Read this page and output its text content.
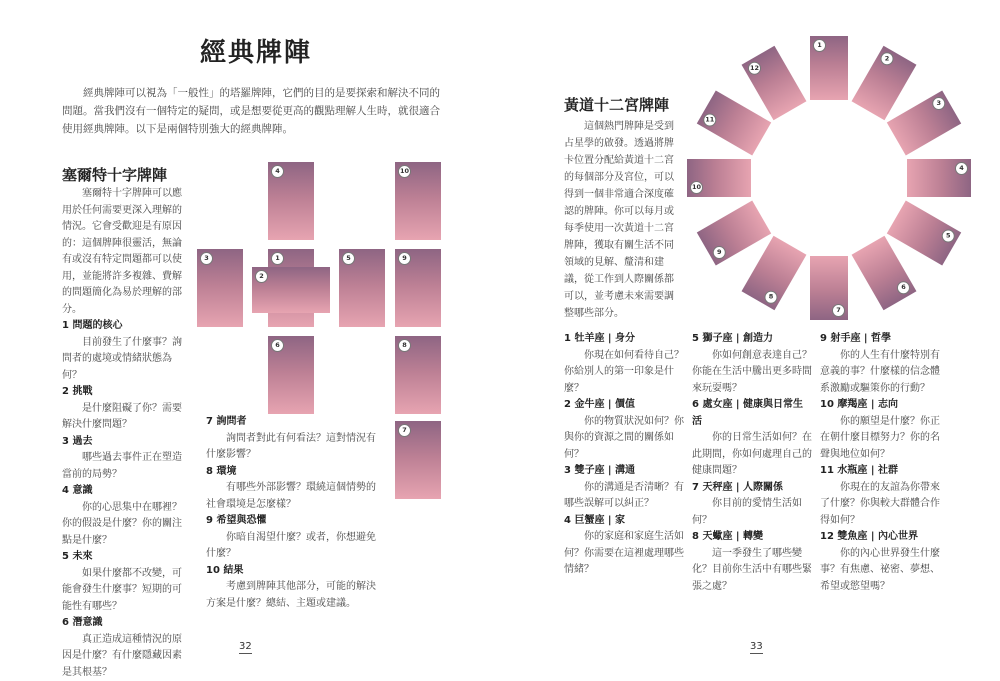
經典牌陣
經典牌陣可以視為「一般性」的塔羅牌陣，它們的目的是要探索和解決不同的問題。當我們沒有一個特定的疑問，或是想要從更高的觀點理解人生時，就很適合使用經典牌陣。以下是兩個特別強大的經典牌陣。
塞爾特十字牌陣

塞爾特十字牌陣可以應用於任何需要更深入理解的情況。它會受歡迎是有原因的：這個牌陣很靈活，無論有或沒有特定問題都可以使用，並能將許多複雜、費解的問題簡化為易於理解的部分。

1 問題的核心

目前發生了什麼事？詢問者的處境或情緒狀態為何？

2 挑戰

是什麼阻礙了你？需要解決什麼問題？

3 過去

哪些過去事件正在塑造當前的局勢？

4 意識

你的心思集中在哪裡？你的假設是什麼？你的關注點是什麼？

5 未來

如果什麼都不改變，可能會發生什麼事？短期的可能性有哪些？

6 潛意識

真正造成這種情況的原因是什麼？有什麼隱藏因素是其根基？

4
3	1	5
2
6
10
9
8
7

7 詢問者

詢問者對此有何看法？這對情況有什麼影響？

8 環境

有哪些外部影響？環繞這個情勢的社會環境是怎麼樣？

9 希望與恐懼

你暗自渴望什麼？或者，你想避免什麼？

10 結果

考慮到牌陣其他部分，可能的解決方案是什麼？總結、主題或建議。

32
黃道十二宮牌陣

這個熱門牌陣是受到占星學的啟發。透過將牌卡位置分配給黃道十二宮的每個部分及宮位，可以得到一個非常適合深度確認的牌陣。你可以每月或每季使用一次黃道十二宮牌陣，獲取有關生活不同領域的見解、釐清和建議，從工作到人際關係都可以，並考慮未來需要調整哪些部分。

1
2
3
4
5
6
7
8
9
10
11
12

1 牡羊座 | 身分

你現在如何看待自己？你給別人的第一印象是什麼？

2 金牛座 | 價值

你的物質狀況如何？你與你的資源之間的關係如何？

3 雙子座 | 溝通

你的溝通是否清晰？有哪些誤解可以糾正？

4 巨蟹座 | 家

你的家庭和家庭生活如何？你需要在這裡處理哪些情緒？

5 獅子座 | 創造力

你如何創意表達自己？你能在生活中騰出更多時間來玩耍嗎？

6 處女座 | 健康與日常生活

你的日常生活如何？在此期間，你如何處理自己的健康問題？

7 天秤座 | 人際關係

你目前的愛情生活如何？

8 天蠍座 | 轉變

這一季發生了哪些變化？目前你生活中有哪些緊張之處？

9 射手座 | 哲學

你的人生有什麼特別有意義的事？什麼樣的信念體系激勵或驅策你的行動？

10 摩羯座 | 志向

你的願望是什麼？你正在朝什麼目標努力？你的名聲與地位如何？

11 水瓶座 | 社群

你現在的友誼為你帶來了什麼？你與較大群體合作得如何？

12 雙魚座 | 內心世界

你的內心世界發生什麼事？有焦慮、祕密、夢想、希望或慾望嗎？

33
